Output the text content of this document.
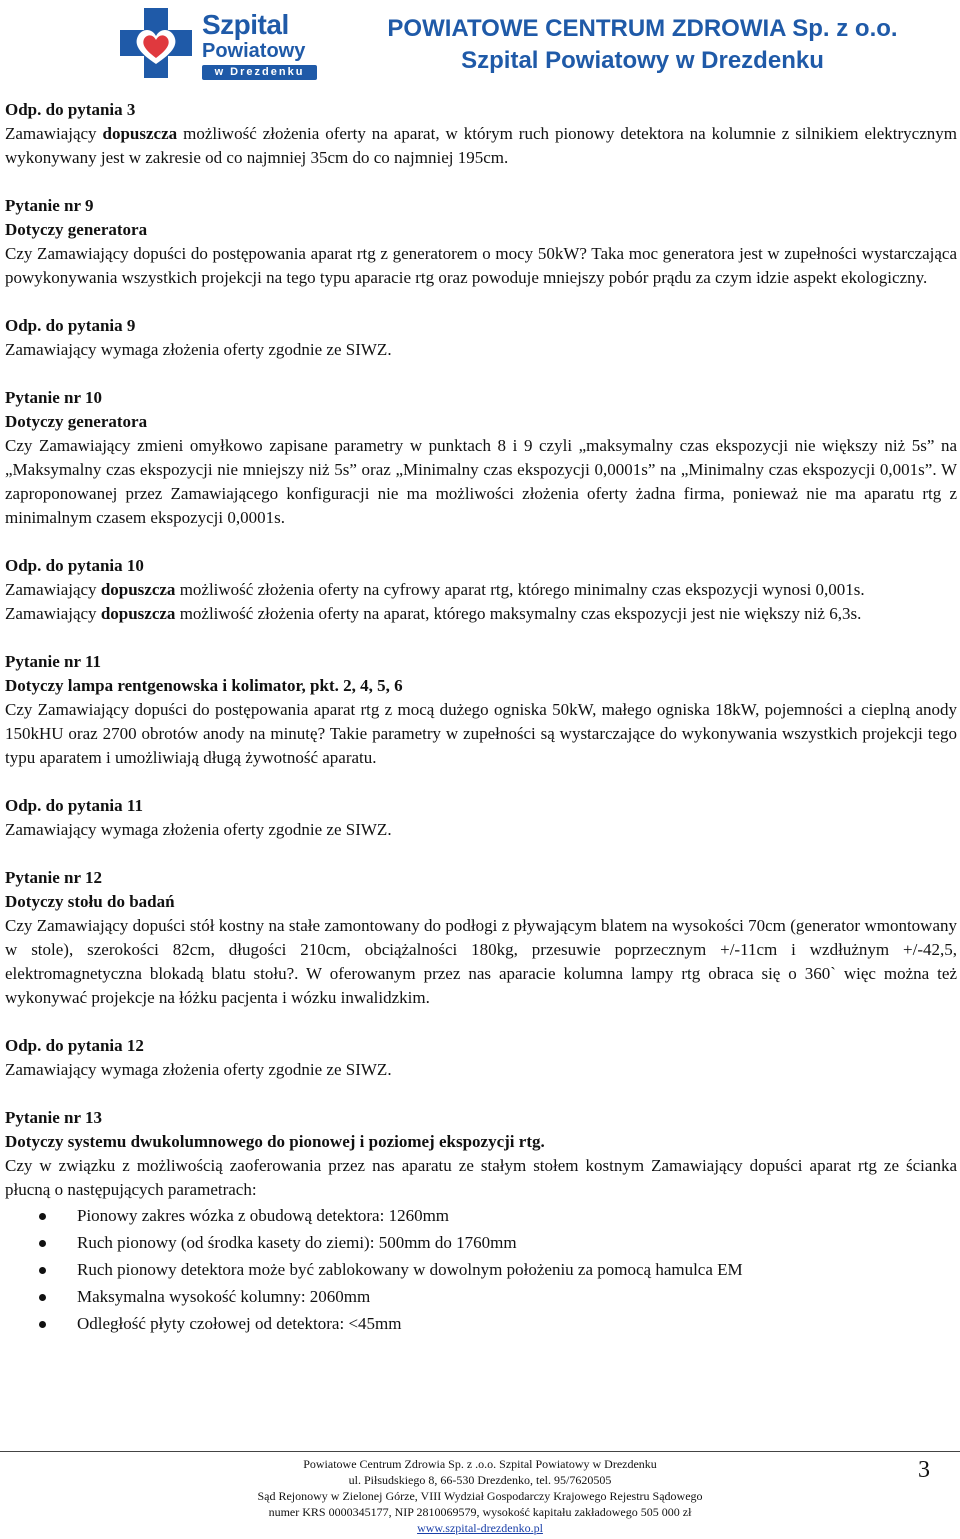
Szpital
Powiatowy
w Drezdenku
POWIATOWE CENTRUM ZDROWIA Sp. z o.o.
Szpital Powiatowy w Drezdenku

Odp. do pytania 3

Zamawiający dopuszcza możliwość złożenia oferty na aparat, w którym ruch pionowy detektora na kolumnie z silnikiem elektrycznym wykonywany jest w zakresie od co najmniej 35cm do co najmniej 195cm.

Pytanie nr 9

Dotyczy generatora

Czy Zamawiający dopuści do postępowania aparat rtg z generatorem o mocy 50kW? Taka moc generatora jest w zupełności wystarczająca powykonywania wszystkich projekcji na tego typu aparacie rtg oraz powoduje mniejszy pobór prądu za czym idzie aspekt ekologiczny.

Odp. do pytania 9

Zamawiający wymaga złożenia oferty zgodnie ze SIWZ.

Pytanie nr 10

Dotyczy generatora

Czy Zamawiający zmieni omyłkowo zapisane parametry w punktach 8 i 9 czyli „maksymalny czas ekspozycji nie większy niż 5s” na „Maksymalny czas ekspozycji nie mniejszy niż 5s” oraz „Minimalny czas ekspozycji 0,0001s” na „Minimalny czas ekspozycji 0,001s”. W zaproponowanej przez Zamawiającego konfiguracji nie ma możliwości złożenia oferty żadna firma, ponieważ nie ma aparatu rtg z minimalnym czasem ekspozycji 0,0001s.

Odp. do pytania 10

Zamawiający dopuszcza możliwość złożenia oferty na cyfrowy aparat rtg, którego minimalny czas ekspozycji wynosi 0,001s.

Zamawiający dopuszcza możliwość złożenia oferty na aparat, którego maksymalny czas ekspozycji jest nie większy niż 6,3s.

Pytanie nr 11

Dotyczy lampa rentgenowska i kolimator, pkt. 2, 4, 5, 6

Czy Zamawiający dopuści do postępowania aparat rtg z mocą dużego ogniska 50kW, małego ogniska 18kW, pojemności a cieplną anody 150kHU oraz 2700 obrotów anody na minutę? Takie parametry w zupełności są wystarczające do wykonywania wszystkich projekcji tego typu aparatem i umożliwiają długą żywotność aparatu.

Odp. do pytania 11

Zamawiający wymaga złożenia oferty zgodnie ze SIWZ.

Pytanie nr 12

Dotyczy stołu do badań

Czy Zamawiający dopuści stół kostny na stałe zamontowany do podłogi z pływającym blatem na wysokości 70cm (generator wmontowany w stole), szerokości 82cm, długości 210cm, obciążalności 180kg, przesuwie poprzecznym +/-11cm i wzdłużnym +/-42,5, elektromagnetyczna blokadą blatu stołu?. W oferowanym przez nas aparacie kolumna lampy rtg obraca się o 360` więc można też wykonywać projekcje na łóżku pacjenta i wózku inwalidzkim.

Odp. do pytania 12

Zamawiający wymaga złożenia oferty zgodnie ze SIWZ.

Pytanie nr 13

Dotyczy systemu dwukolumnowego do pionowej i poziomej ekspozycji rtg.

Czy w związku z możliwością zaoferowania przez nas aparatu ze stałym stołem kostnym Zamawiający dopuści aparat rtg ze ścianka płucną o następujących parametrach:

Pionowy zakres wózka z obudową detektora: 1260mm
Ruch pionowy (od środka kasety do ziemi): 500mm do 1760mm
Ruch pionowy detektora może być zablokowany w dowolnym położeniu za pomocą hamulca EM
Maksymalna wysokość kolumny: 2060mm
Odległość płyty czołowej od detektora: <45mm
Powiatowe Centrum Zdrowia Sp. z .o.o. Szpital Powiatowy w Drezdenku
ul. Piłsudskiego 8, 66-530 Drezdenko, tel. 95/7620505
Sąd Rejonowy w Zielonej Górze, VIII Wydział Gospodarczy Krajowego Rejestru Sądowego
numer KRS 0000345177, NIP 2810069579, wysokość kapitału zakładowego 505 000 zł
www.szpital-drezdenko.pl
3
